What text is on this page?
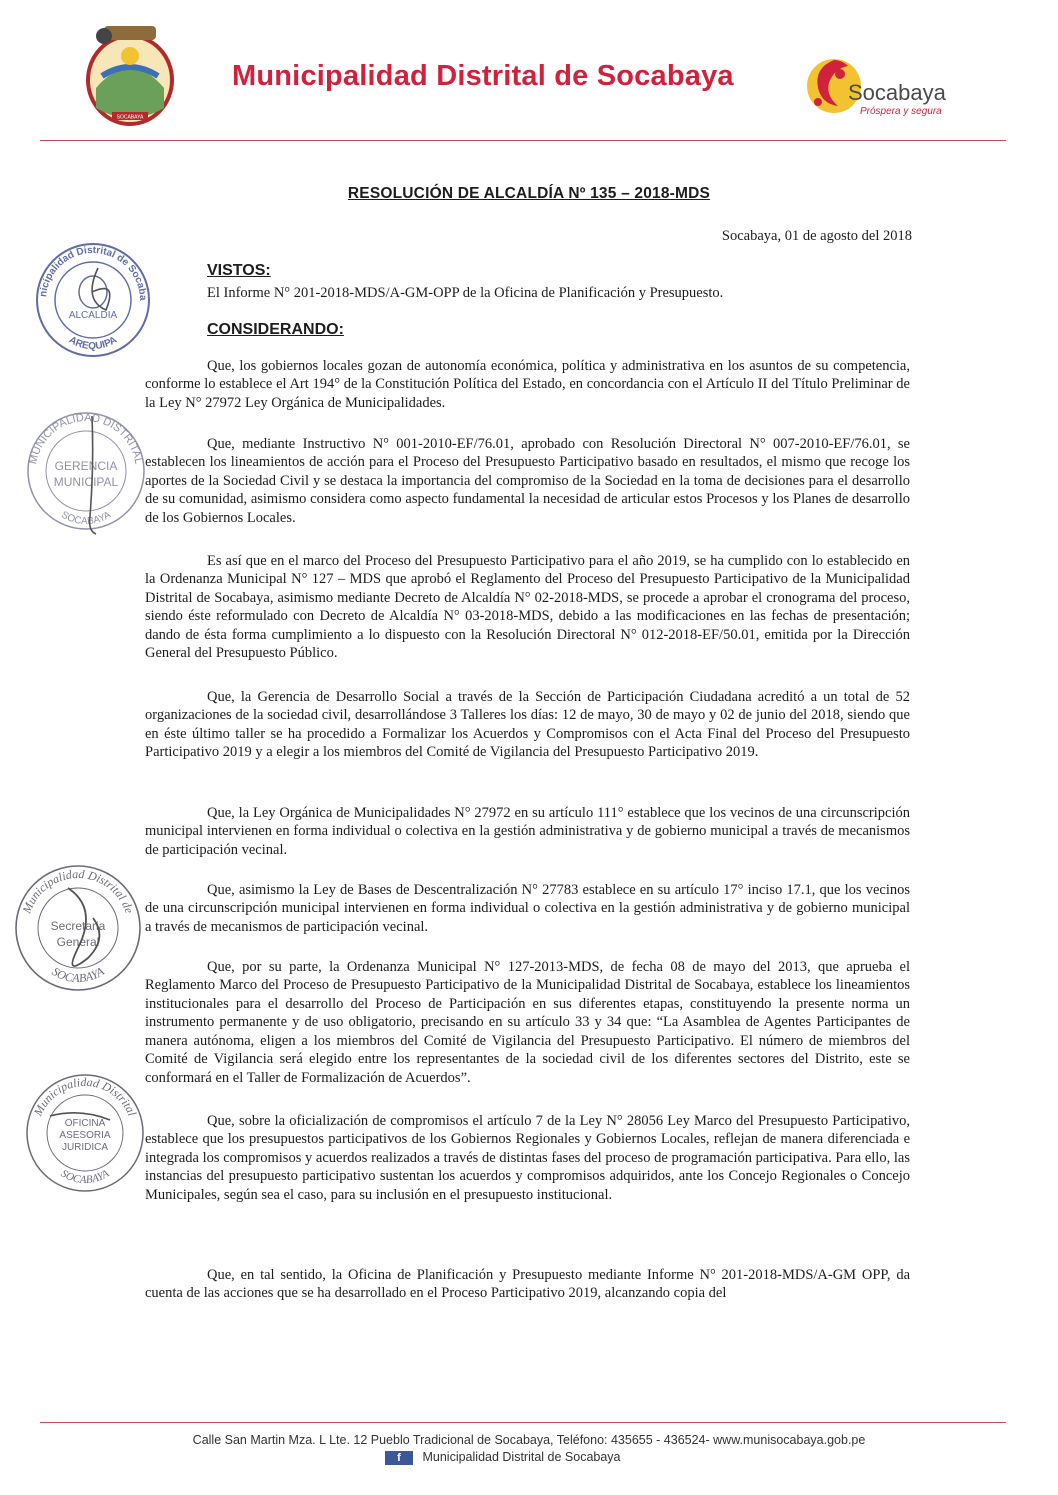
SOCABAYA
Municipalidad Distrital de Socabaya
Socabaya
Próspera y segura
RESOLUCIÓN DE ALCALDÍA Nº 135 – 2018-MDS
Socabaya, 01 de agosto del 2018
VISTOS:
El Informe N° 201-2018-MDS/A-GM-OPP de la Oficina de Planificación y Presupuesto.
CONSIDERANDO:

Que, los gobiernos locales gozan de autonomía económica, política y administrativa en los asuntos de su competencia, conforme lo establece el Art 194° de la Constitución Política del Estado, en concordancia con el Artículo II del Título Preliminar de la Ley N° 27972 Ley Orgánica de Municipalidades.

Que, mediante Instructivo N° 001-2010-EF/76.01, aprobado con Resolución Directoral N° 007-2010-EF/76.01, se establecen los lineamientos de acción para el Proceso del Presupuesto Participativo basado en resultados, el mismo que recoge los aportes de la Sociedad Civil y se destaca la importancia del compromiso de la Sociedad en la toma de decisiones para el desarrollo de su comunidad, asimismo considera como aspecto fundamental la necesidad de articular estos Procesos y los Planes de desarrollo de los Gobiernos Locales.

Es así que en el marco del Proceso del Presupuesto Participativo para el año 2019, se ha cumplido con lo establecido en la Ordenanza Municipal N° 127 – MDS que aprobó el Reglamento del Proceso del Presupuesto Participativo de la Municipalidad Distrital de Socabaya, asimismo mediante Decreto de Alcaldía N° 02-2018-MDS, se procede a aprobar el cronograma del proceso, siendo éste reformulado con Decreto de Alcaldía N° 03-2018-MDS, debido a las modificaciones en las fechas de presentación; dando de ésta forma cumplimiento a lo dispuesto con la Resolución Directoral N° 012-2018-EF/50.01, emitida por la Dirección General del Presupuesto Público.

Que, la Gerencia de Desarrollo Social a través de la Sección de Participación Ciudadana acreditó a un total de 52 organizaciones de la sociedad civil, desarrollándose 3 Talleres los días: 12 de mayo, 30 de mayo y 02 de junio del 2018, siendo que en éste último taller se ha procedido a Formalizar los Acuerdos y Compromisos con el Acta Final del Proceso del Presupuesto Participativo 2019 y a elegir a los miembros del Comité de Vigilancia del Presupuesto Participativo 2019.

Que, la Ley Orgánica de Municipalidades N° 27972 en su artículo 111° establece que los vecinos de una circunscripción municipal intervienen en forma individual o colectiva en la gestión administrativa y de gobierno municipal a través de mecanismos de participación vecinal.

Que, asimismo la Ley de Bases de Descentralización N° 27783 establece en su artículo 17° inciso 17.1, que los vecinos de una circunscripción municipal intervienen en forma individual o colectiva en la gestión administrativa y de gobierno municipal a través de mecanismos de participación vecinal.

Que, por su parte, la Ordenanza Municipal N° 127-2013-MDS, de fecha 08 de mayo del 2013, que aprueba el Reglamento Marco del Proceso de Presupuesto Participativo de la Municipalidad Distrital de Socabaya, establece los lineamientos institucionales para el desarrollo del Proceso de Participación en sus diferentes etapas, constituyendo la presente norma un instrumento permanente y de uso obligatorio, precisando en su artículo 33 y 34 que: “La Asamblea de Agentes Participantes de manera autónoma, eligen a los miembros del Comité de Vigilancia del Presupuesto Participativo. El número de miembros del Comité de Vigilancia será elegido entre los representantes de la sociedad civil de los diferentes sectores del Distrito, este se conformará en el Taller de Formalización de Acuerdos”.

Que, sobre la oficialización de compromisos el artículo 7 de la Ley N° 28056 Ley Marco del Presupuesto Participativo, establece que los presupuestos participativos de los Gobiernos Regionales y Gobiernos Locales, reflejan de manera diferenciada e integrada los compromisos y acuerdos realizados a través de distintas fases del proceso de programación participativa. Para ello, las instancias del presupuesto participativo sustentan los acuerdos y compromisos adquiridos, ante los Concejo Regionales o Concejo Municipales, según sea el caso, para su inclusión en el presupuesto institucional.

Que, en tal sentido, la Oficina de Planificación y Presupuesto mediante Informe N° 201-2018-MDS/A-GM OPP, da cuenta de las acciones que se ha desarrollado en el Proceso Participativo 2019, alcanzando copia del

nicipalidad Distrital de Socaba
AREQUIPA
ALCALDIA
MUNICIPALIDAD DISTRITAL
SOCABAYA
GERENCIA
MUNICIPAL
Municipalidad Distrital de
SOCABAYA
Secretaria
General
Municipalidad Distrital
SOCABAYA
OFICINA
ASESORIA
JURIDICA
Calle San Martin Mza. L Lte. 12 Pueblo Tradicional de Socabaya, Teléfono: 435655 - 436524- www.munisocabaya.gob.pe
f Municipalidad Distrital de Socabaya
